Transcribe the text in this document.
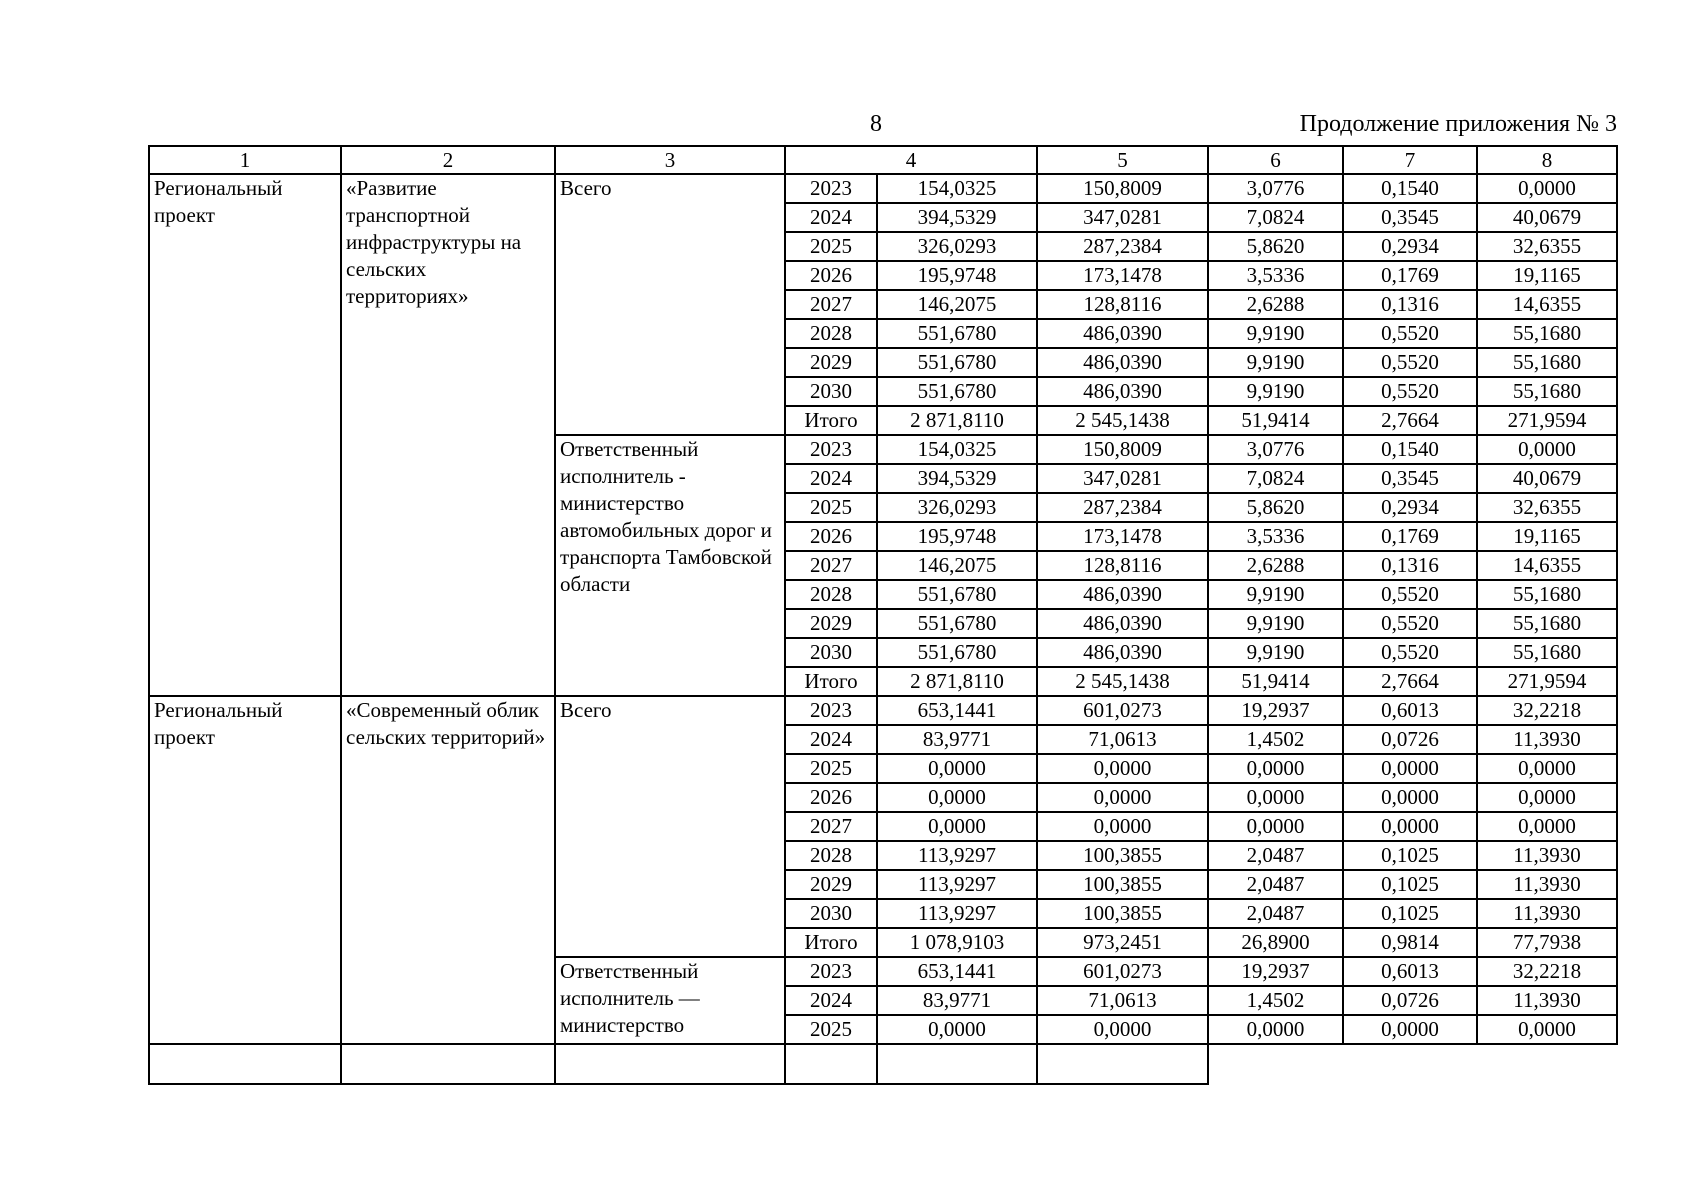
8	Продолжение приложения № 3
1	2	3	4		5	6	7	8
Региональный проект	«Развитие транспортной инфраструктуры на сельских территориях»	Всего	2023	154,0325	150,8009	3,0776	0,1540	0,0000
			2024	394,5329	347,0281	7,0824	0,3545	40,0679
			2025	326,0293	287,2384	5,8620	0,2934	32,6355
			2026	195,9748	173,1478	3,5336	0,1769	19,1165
			2027	146,2075	128,8116	2,6288	0,1316	14,6355
			2028	551,6780	486,0390	9,9190	0,5520	55,1680
			2029	551,6780	486,0390	9,9190	0,5520	55,1680
			2030	551,6780	486,0390	9,9190	0,5520	55,1680
			Итого	2 871,8110	2 545,1438	51,9414	2,7664	271,9594
		Ответственный исполнитель - министерство автомобильных дорог и транспорта Тамбовской области	2023	154,0325	150,8009	3,0776	0,1540	0,0000
			2024	394,5329	347,0281	7,0824	0,3545	40,0679
			2025	326,0293	287,2384	5,8620	0,2934	32,6355
			2026	195,9748	173,1478	3,5336	0,1769	19,1165
			2027	146,2075	128,8116	2,6288	0,1316	14,6355
			2028	551,6780	486,0390	9,9190	0,5520	55,1680
			2029	551,6780	486,0390	9,9190	0,5520	55,1680
			2030	551,6780	486,0390	9,9190	0,5520	55,1680
			Итого	2 871,8110	2 545,1438	51,9414	2,7664	271,9594
Региональный проект	«Современный облик сельских территорий»	Всего	2023	653,1441	601,0273	19,2937	0,6013	32,2218
			2024	83,9771	71,0613	1,4502	0,0726	11,3930
			2025	0,0000	0,0000	0,0000	0,0000	0,0000
			2026	0,0000	0,0000	0,0000	0,0000	0,0000
			2027	0,0000	0,0000	0,0000	0,0000	0,0000
			2028	113,9297	100,3855	2,0487	0,1025	11,3930
			2029	113,9297	100,3855	2,0487	0,1025	11,3930
			2030	113,9297	100,3855	2,0487	0,1025	11,3930
			Итого	1 078,9103	973,2451	26,8900	0,9814	77,7938
		Ответственный исполнитель — министерство	2023	653,1441	601,0273	19,2937	0,6013	32,2218
			2024	83,9771	71,0613	1,4502	0,0726	11,3930
			2025	0,0000	0,0000	0,0000	0,0000	0,0000
